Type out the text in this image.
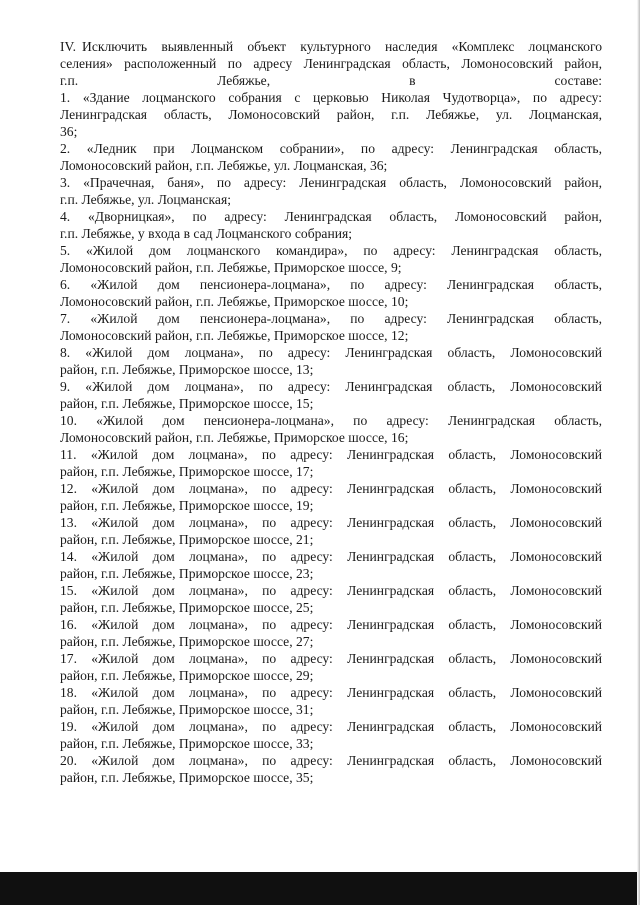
IV. Исключить выявленный объект культурного наследия «Комплекс лоцманского
селения» расположенный по адресу Ленинградская область, Ломоносовский район,
г.п. Лебяжье, в составе:
1. «Здание лоцманского собрания с церковью Николая Чудотворца», по адресу:
Ленинградская область, Ломоносовский район, г.п. Лебяжье, ул. Лоцманская,
36;
2. «Ледник при Лоцманском собрании», по адресу: Ленинградская область,
Ломоносовский район, г.п. Лебяжье, ул. Лоцманская, 36;
3. «Прачечная, баня», по адресу: Ленинградская область, Ломоносовский район,
г.п. Лебяжье, ул. Лоцманская;
4. «Дворницкая», по адресу: Ленинградская область, Ломоносовский район,
г.п. Лебяжье, у входа в сад Лоцманского собрания;
5. «Жилой дом лоцманского командира», по адресу: Ленинградская область,
Ломоносовский район, г.п. Лебяжье, Приморское шоссе, 9;
6. «Жилой дом пенсионера-лоцмана», по адресу: Ленинградская область,
Ломоносовский район, г.п. Лебяжье, Приморское шоссе, 10;
7. «Жилой дом пенсионера-лоцмана», по адресу: Ленинградская область,
Ломоносовский район, г.п. Лебяжье, Приморское шоссе, 12;
8. «Жилой дом лоцмана», по адресу: Ленинградская область, Ломоносовский
район, г.п. Лебяжье, Приморское шоссе, 13;
9. «Жилой дом лоцмана», по адресу: Ленинградская область, Ломоносовский
район, г.п. Лебяжье, Приморское шоссе, 15;
10. «Жилой дом пенсионера-лоцмана», по адресу: Ленинградская область,
Ломоносовский район, г.п. Лебяжье, Приморское шоссе, 16;
11. «Жилой дом лоцмана», по адресу: Ленинградская область, Ломоносовский
район, г.п. Лебяжье, Приморское шоссе, 17;
12. «Жилой дом лоцмана», по адресу: Ленинградская область, Ломоносовский
район, г.п. Лебяжье, Приморское шоссе, 19;
13. «Жилой дом лоцмана», по адресу: Ленинградская область, Ломоносовский
район, г.п. Лебяжье, Приморское шоссе, 21;
14. «Жилой дом лоцмана», по адресу: Ленинградская область, Ломоносовский
район, г.п. Лебяжье, Приморское шоссе, 23;
15. «Жилой дом лоцмана», по адресу: Ленинградская область, Ломоносовский
район, г.п. Лебяжье, Приморское шоссе, 25;
16. «Жилой дом лоцмана», по адресу: Ленинградская область, Ломоносовский
район, г.п. Лебяжье, Приморское шоссе, 27;
17. «Жилой дом лоцмана», по адресу: Ленинградская область, Ломоносовский
район, г.п. Лебяжье, Приморское шоссе, 29;
18. «Жилой дом лоцмана», по адресу: Ленинградская область, Ломоносовский
район, г.п. Лебяжье, Приморское шоссе, 31;
19. «Жилой дом лоцмана», по адресу: Ленинградская область, Ломоносовский
район, г.п. Лебяжье, Приморское шоссе, 33;
20. «Жилой дом лоцмана», по адресу: Ленинградская область, Ломоносовский
район, г.п. Лебяжье, Приморское шоссе, 35;
